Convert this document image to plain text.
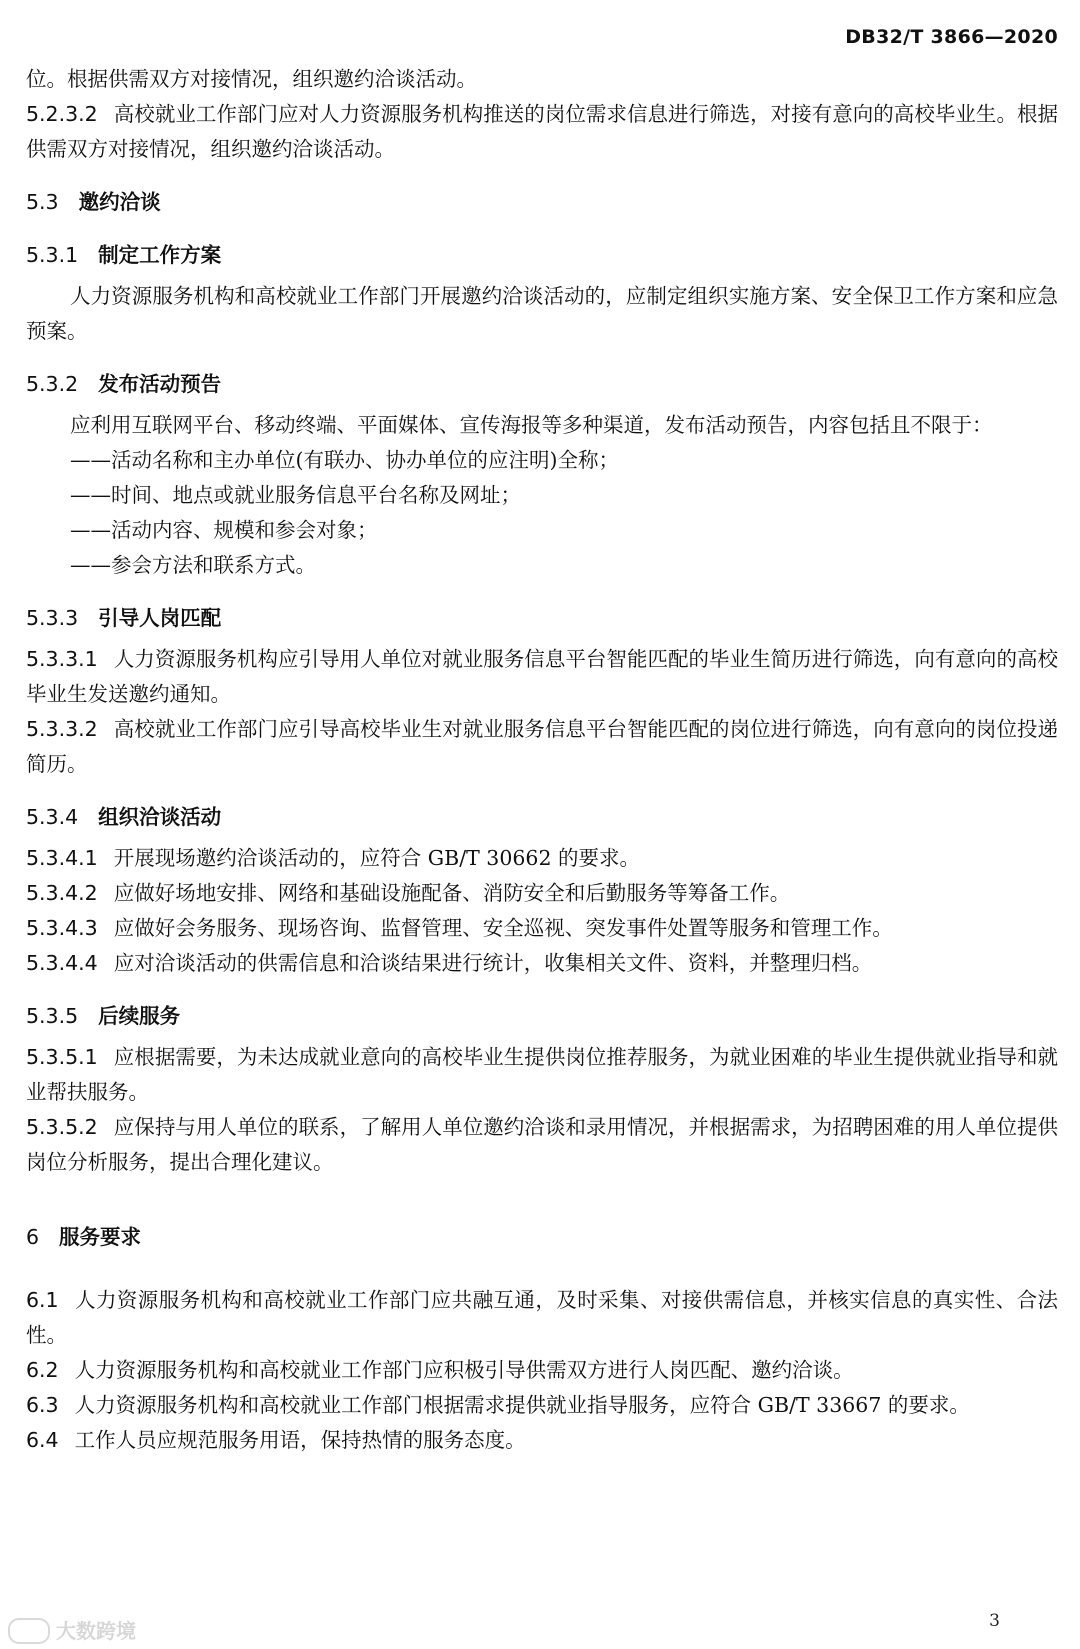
DB32/T 3866—2020

位。根据供需双方对接情况，组织邀约洽谈活动。

5.2.3.2 高校就业工作部门应对人力资源服务机构推送的岗位需求信息进行筛选，对接有意向的高校毕业生。根据供需双方对接情况，组织邀约洽谈活动。

5.3 邀约洽谈

5.3.1 制定工作方案

人力资源服务机构和高校就业工作部门开展邀约洽谈活动的，应制定组织实施方案、安全保卫工作方案和应急预案。

5.3.2 发布活动预告

应利用互联网平台、移动终端、平面媒体、宣传海报等多种渠道，发布活动预告，内容包括且不限于：

——活动名称和主办单位(有联办、协办单位的应注明)全称；

——时间、地点或就业服务信息平台名称及网址；

——活动内容、规模和参会对象；

——参会方法和联系方式。

5.3.3 引导人岗匹配

5.3.3.1 人力资源服务机构应引导用人单位对就业服务信息平台智能匹配的毕业生简历进行筛选，向有意向的高校毕业生发送邀约通知。

5.3.3.2 高校就业工作部门应引导高校毕业生对就业服务信息平台智能匹配的岗位进行筛选，向有意向的岗位投递简历。

5.3.4 组织洽谈活动

5.3.4.1 开展现场邀约洽谈活动的，应符合 GB/T 30662 的要求。

5.3.4.2 应做好场地安排、网络和基础设施配备、消防安全和后勤服务等筹备工作。

5.3.4.3 应做好会务服务、现场咨询、监督管理、安全巡视、突发事件处置等服务和管理工作。

5.3.4.4 应对洽谈活动的供需信息和洽谈结果进行统计，收集相关文件、资料，并整理归档。

5.3.5 后续服务

5.3.5.1 应根据需要，为未达成就业意向的高校毕业生提供岗位推荐服务，为就业困难的毕业生提供就业指导和就业帮扶服务。

5.3.5.2 应保持与用人单位的联系，了解用人单位邀约洽谈和录用情况，并根据需求，为招聘困难的用人单位提供岗位分析服务，提出合理化建议。

6 服务要求

6.1 人力资源服务机构和高校就业工作部门应共融互通，及时采集、对接供需信息，并核实信息的真实性、合法性。

6.2 人力资源服务机构和高校就业工作部门应积极引导供需双方进行人岗匹配、邀约洽谈。

6.3 人力资源服务机构和高校就业工作部门根据需求提供就业指导服务，应符合 GB/T 33667 的要求。

6.4 工作人员应规范服务用语，保持热情的服务态度。

3
大数跨境
